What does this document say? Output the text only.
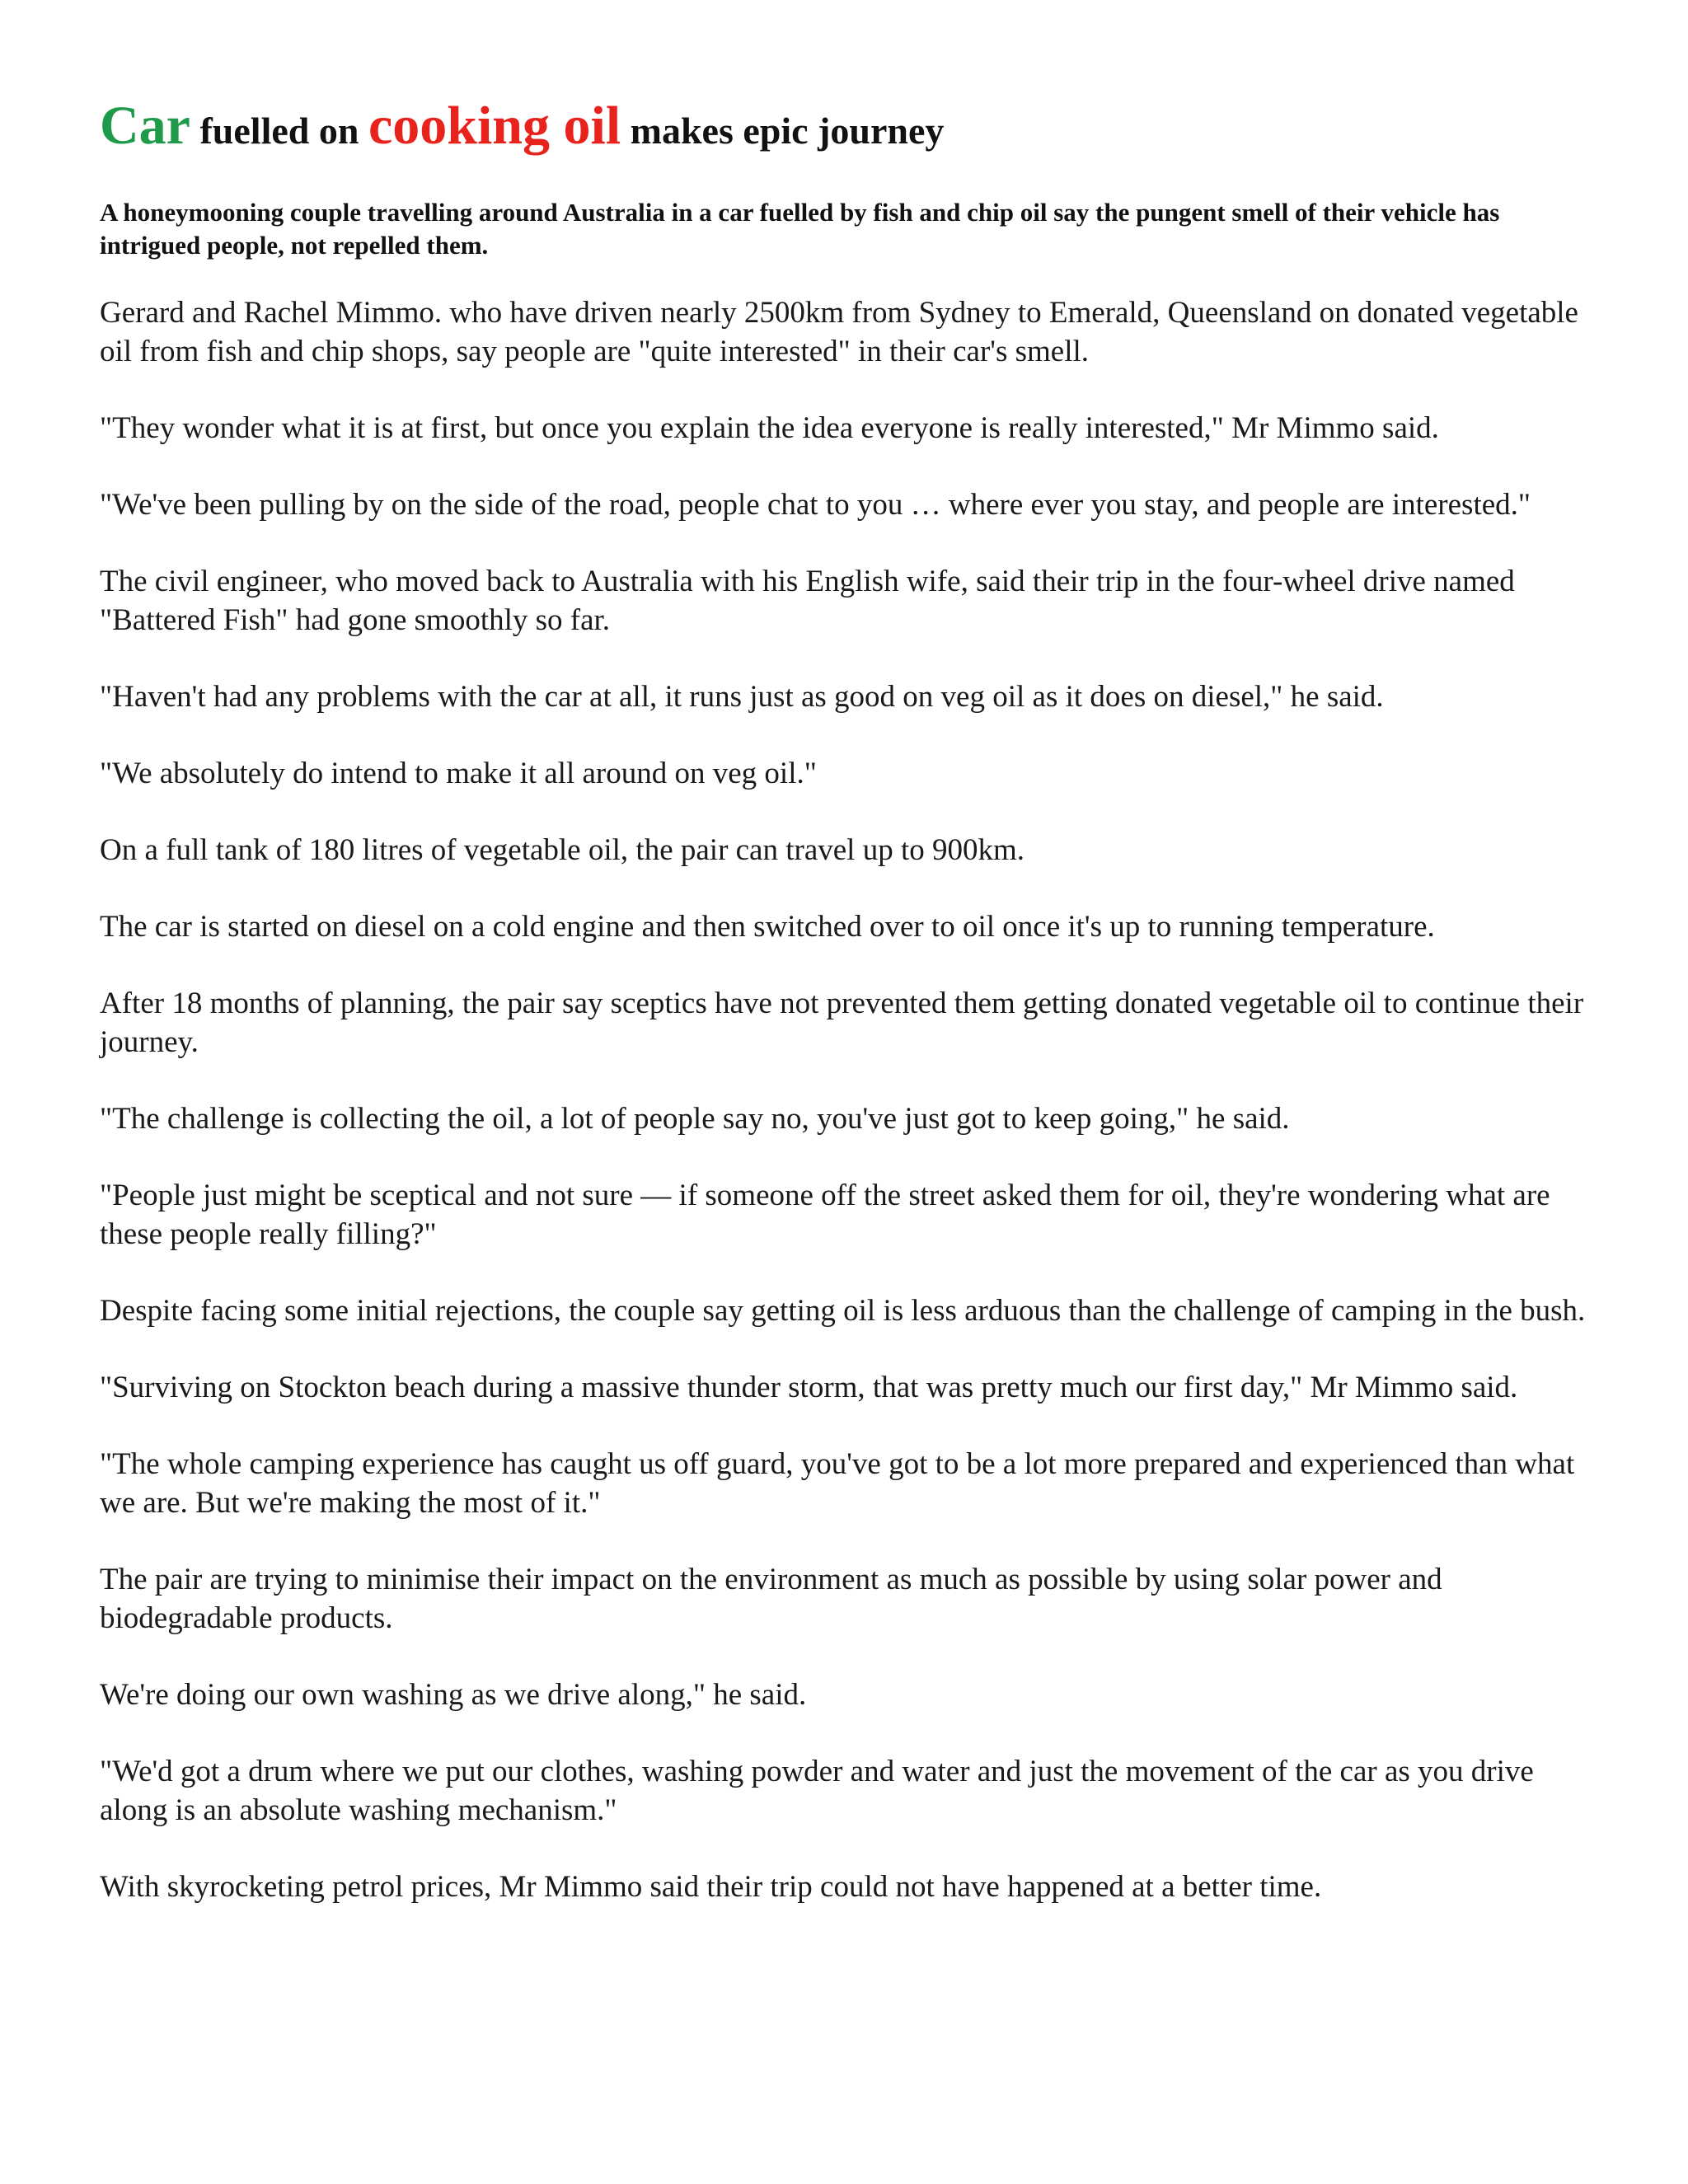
Car fuelled on cooking oil makes epic journey

A honeymooning couple travelling around Australia in a car fuelled by fish and chip oil say the pungent smell of their vehicle has intrigued people, not repelled them.

Gerard and Rachel Mimmo. who have driven nearly 2500km from Sydney to Emerald, Queensland on donated vegetable oil from fish and chip shops, say people are "quite interested" in their car's smell.

"They wonder what it is at first, but once you explain the idea everyone is really interested," Mr Mimmo said.

"We've been pulling by on the side of the road, people chat to you … where ever you stay, and people are interested."

The civil engineer, who moved back to Australia with his English wife, said their trip in the four-wheel drive named "Battered Fish" had gone smoothly so far.

"Haven't had any problems with the car at all, it runs just as good on veg oil as it does on diesel," he said.

"We absolutely do intend to make it all around on veg oil."

On a full tank of 180 litres of vegetable oil, the pair can travel up to 900km.

The car is started on diesel on a cold engine and then switched over to oil once it's up to running temperature.

After 18 months of planning, the pair say sceptics have not prevented them getting donated vegetable oil to continue their journey.

"The challenge is collecting the oil, a lot of people say no, you've just got to keep going," he said.

"People just might be sceptical and not sure — if someone off the street asked them for oil, they're wondering what are these people really filling?"

Despite facing some initial rejections, the couple say getting oil is less arduous than the challenge of camping in the bush.

"Surviving on Stockton beach during a massive thunder storm, that was pretty much our first day," Mr Mimmo said.

"The whole camping experience has caught us off guard, you've got to be a lot more prepared and experienced than what we are. But we're making the most of it."

The pair are trying to minimise their impact on the environment as much as possible by using solar power and biodegradable products.

We're doing our own washing as we drive along," he said.

"We'd got a drum where we put our clothes, washing powder and water and just the movement of the car as you drive along is an absolute washing mechanism."

With skyrocketing petrol prices, Mr Mimmo said their trip could not have happened at a better time.
